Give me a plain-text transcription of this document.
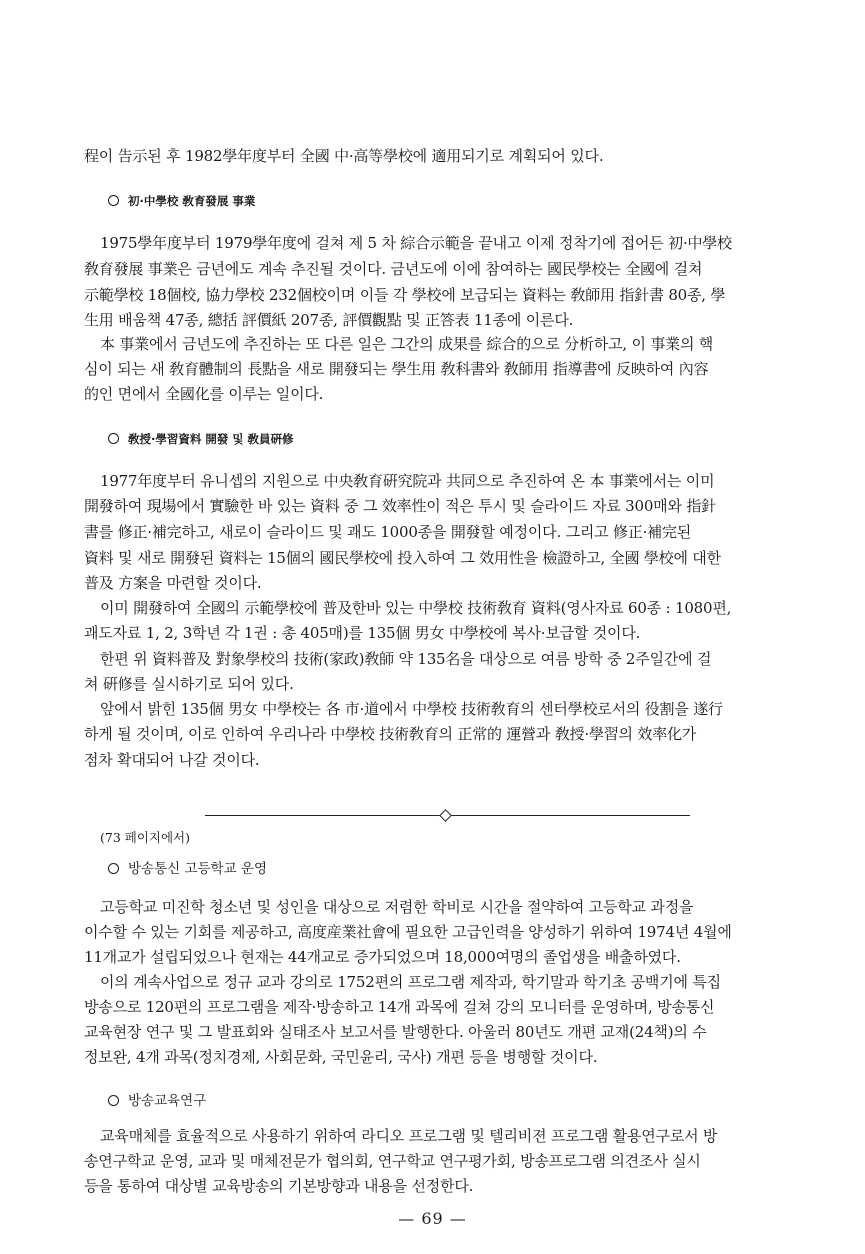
程이 告示된 후 1982學年度부터 全國 中·高等學校에 適用되기로 계획되어 있다.
初·中學校 敎育發展 事業
1975學年度부터 1979學年度에 걸쳐 제 5 차 綜合示範을 끝내고 이제 정착기에 접어든 初·中學校
敎育發展 事業은 금년에도 계속 추진될 것이다. 금년도에 이에 참여하는 國民學校는 全國에 걸쳐
示範學校 18個校, 協力學校 232個校이며 이들 각 學校에 보급되는 資料는 敎師用 指針書 80종, 學
生用 배움책 47종, 總括 評價紙 207종, 評價觀點 및 正答表 11종에 이른다.
本 事業에서 금년도에 추진하는 또 다른 일은 그간의 成果를 綜合的으로 分析하고, 이 事業의 핵
심이 되는 새 敎育體制의 長點을 새로 開發되는 學生用 敎科書와 敎師用 指導書에 反映하여 內容
的인 면에서 全國化를 이루는 일이다.
敎授·學習資料 開發 및 敎員硏修
1977年度부터 유니셉의 지원으로 中央敎育硏究院과 共同으로 추진하여 온 本 事業에서는 이미
開發하여 現場에서 實驗한 바 있는 資料 중 그 效率性이 적은 투시 및 슬라이드 자료 300매와 指針
書를 修正·補完하고, 새로이 슬라이드 및 괘도 1000종을 開發할 예정이다. 그리고 修正·補完된
資料 및 새로 開發된 資料는 15個의 國民學校에 投入하여 그 效用性을 檢證하고, 全國 學校에 대한
普及 方案을 마련할 것이다.
이미 開發하여 全國의 示範學校에 普及한바 있는 中學校 技術敎育 資料(영사자료 60종 : 1080편,
괘도자료 1, 2, 3학년 각 1권 : 총 405매)를 135個 男女 中學校에 복사·보급할 것이다.
한편 위 資料普及 對象學校의 技術(家政)敎師 약 135名을 대상으로 여름 방학 중 2주일간에 걸
쳐 硏修를 실시하기로 되어 있다.
앞에서 밝힌 135個 男女 中學校는 各 市·道에서 中學校 技術敎育의 센터學校로서의 役割을 遂行
하게 될 것이며, 이로 인하여 우리나라 中學校 技術敎育의 正常的 運營과 敎授·學習의 效率化가
점차 확대되어 나갈 것이다.
(73 페이지에서)
방송통신 고등학교 운영
고등학교 미진학 청소년 및 성인을 대상으로 저렴한 학비로 시간을 절약하여 고등학교 과정을
이수할 수 있는 기회를 제공하고, 高度産業社會에 필요한 고급인력을 양성하기 위하여 1974년 4월에
11개교가 설립되었으나 현재는 44개교로 증가되었으며 18,000여명의 졸업생을 배출하였다.
이의 계속사업으로 정규 교과 강의로 1752편의 프로그램 제작과, 학기말과 학기초 공백기에 특집
방송으로 120편의 프로그램을 제작·방송하고 14개 과목에 걸쳐 강의 모니터를 운영하며, 방송통신
교육현장 연구 및 그 발표회와 실태조사 보고서를 발행한다. 아울러 80년도 개편 교재(24책)의 수
정보완, 4개 과목(정치경제, 사회문화, 국민윤리, 국사) 개편 등을 병행할 것이다.
방송교육연구
교육매체를 효율적으로 사용하기 위하여 라디오 프로그램 및 텔리비젼 프로그램 활용연구로서 방
송연구학교 운영, 교과 및 매체전문가 협의회, 연구학교 연구평가회, 방송프로그램 의견조사 실시
등을 통하여 대상별 교육방송의 기본방향과 내용을 선정한다.
— 69 —
